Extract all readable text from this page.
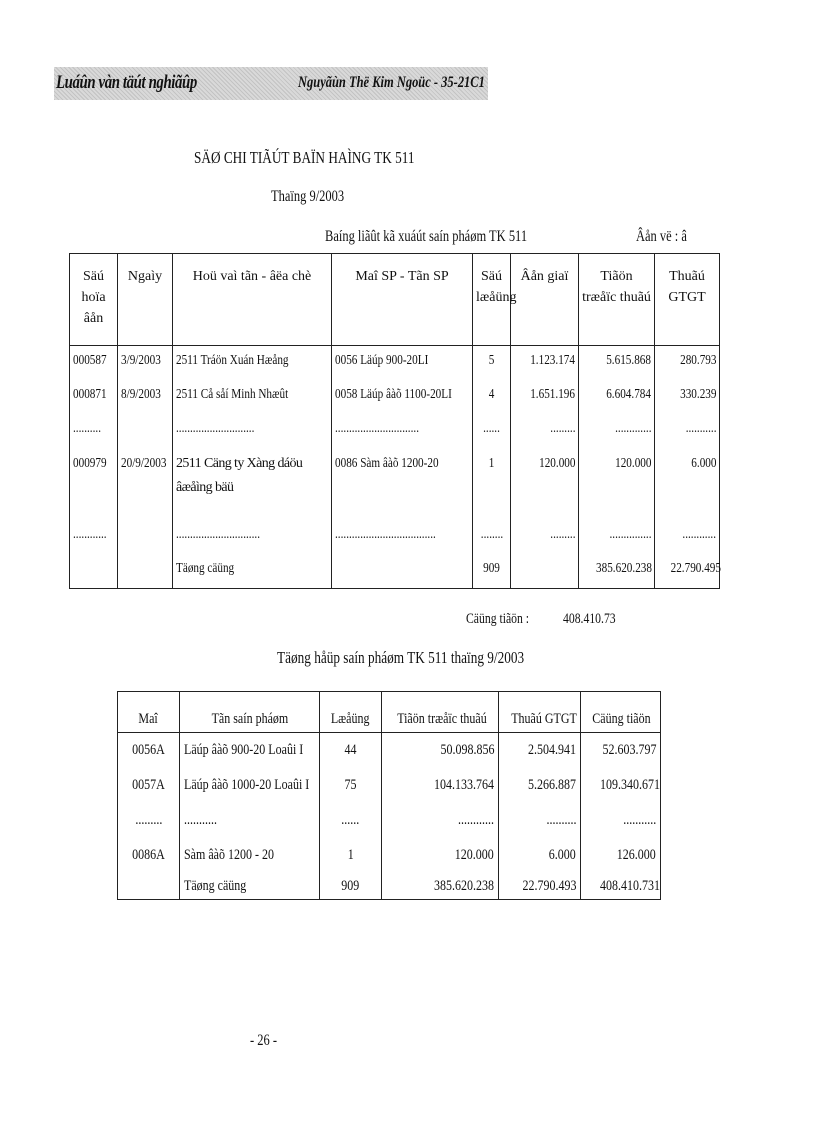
Luáûn vàn täút nghiãûp	Nguyãùn Thë Kim Ngoüc - 35-21C1
SÄØ CHI TIÃÚT BAÏN HAÌNG TK 511
Thaïng 9/2003
Baíng liãût kã xuáút saín pháøm TK 511	Âån vë : â
Säú hoïa âån	Ngaìy	Hoü vaì tãn - âëa chè	Maî SP - Tãn SP	Säú læåüng	Âån giaï	Tiãön træåïc thuãú	Thuãú GTGT
000587	3/9/2003	2511 Tráön Xuán Hæång	0056 Läúp 900-20LI	5	1.123.174	5.615.868	280.793
000871	8/9/2003	2511 Cå såí Minh Nhæût	0058 Läúp âàõ 1100-20LI	4	1.651.196	6.604.784	330.239
..........		............................	..............................	......	.........	.............	...........
000979	20/9/2003	2511 Cäng ty Xàng dáöu âæåìng bäü	0086 Sàm âàõ 1200-20	1	120.000	120.000	6.000
............		..............................	....................................	........	.........	...............	............
		Täøng cäüng		909		385.620.238	22.790.495
Cäüng tiãön :	408.410.73
Täøng håüp saín pháøm TK 511 thaïng 9/2003
Maî	Tãn saín pháøm	Læåüng	Tiãön træåïc thuãú	Thuãú GTGT	Cäüng tiãön
0056A	Läúp âàõ 900-20 Loaûi I	44	50.098.856	2.504.941	52.603.797
0057A	Läúp âàõ 1000-20 Loaûi I	75	104.133.764	5.266.887	109.340.671
.........	...........	......	............	..........	...........
0086A	Sàm âàõ 1200 - 20	1	120.000	6.000	126.000
	Täøng cäüng	909	385.620.238	22.790.493	408.410.731
- 26 -
